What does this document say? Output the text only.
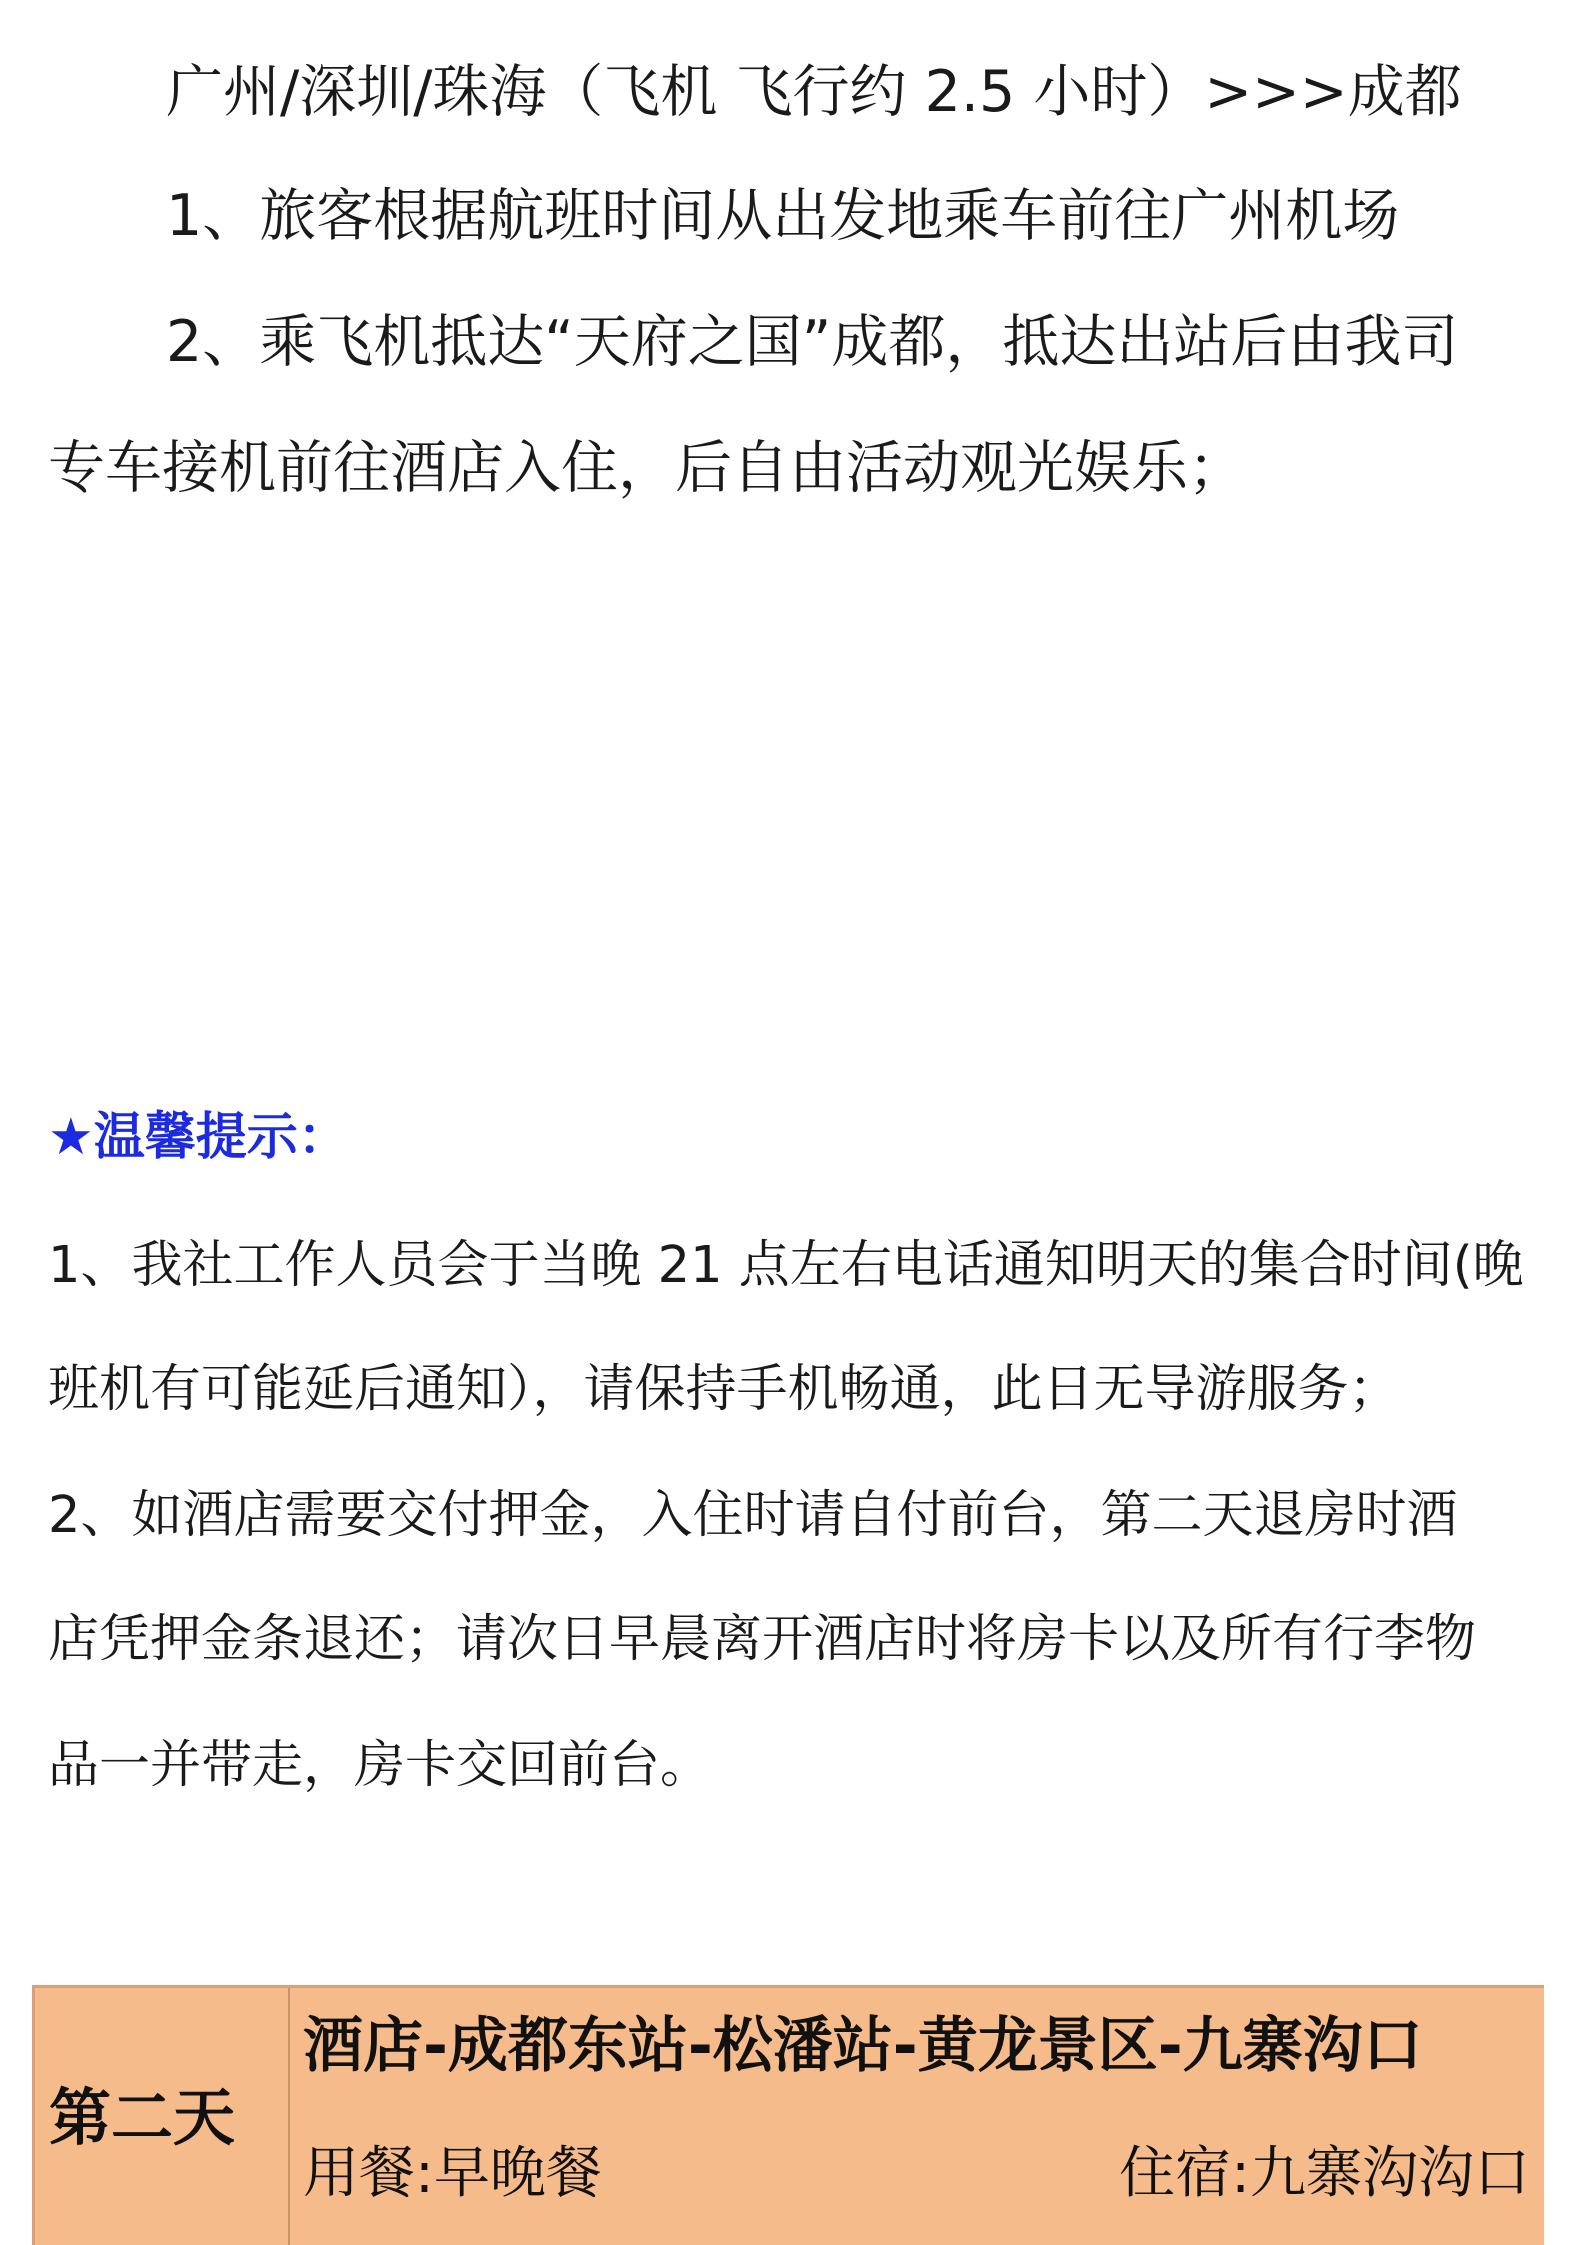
广州/深圳/珠海（飞机 飞行约 2.5 小时）>>>成都
1、旅客根据航班时间从出发地乘车前往广州机场
2、乘飞机抵达“天府之国”成都，抵达出站后由我司
专车接机前往酒店入住，后自由活动观光娱乐；
★温馨提示：
1、我社工作人员会于当晚 21 点左右电话通知明天的集合时间(晚
班机有可能延后通知），请保持手机畅通，此日无导游服务；
2、如酒店需要交付押金，入住时请自付前台，第二天退房时酒
店凭押金条退还；请次日早晨离开酒店时将房卡以及所有行李物
品一并带走，房卡交回前台。
第二天
酒店-成都东站-松潘站-黄龙景区-九寨沟口
用餐:早晚餐	住宿:九寨沟沟口
